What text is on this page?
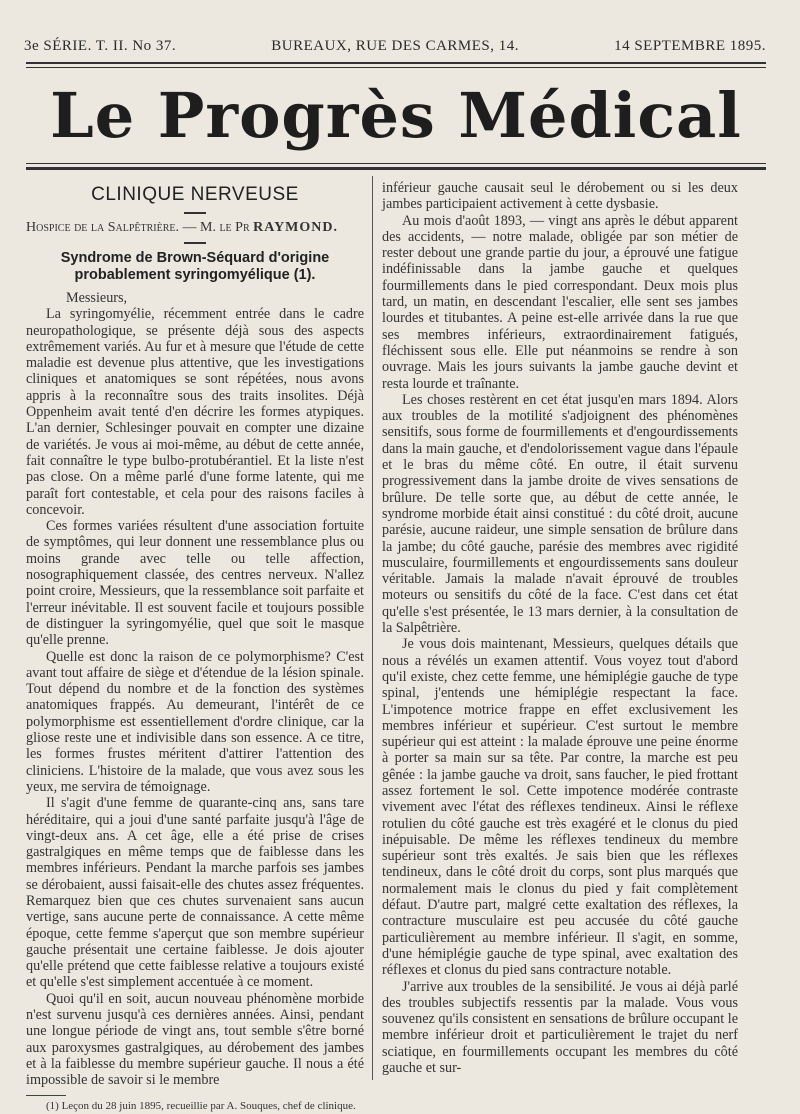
3e SÉRIE. T. II. No 37.	BUREAUX, RUE DES CARMES, 14.	14 SEPTEMBRE 1895.
Le Progrès Médical
CLINIQUE NERVEUSE
Hospice de la Salpêtrière. — M. le Pr RAYMOND.
Syndrome de Brown-Séquard d'origine probablement syringomyélique (1).

Messieurs,

La syringomyélie, récemment entrée dans le cadre neuropathologique, se présente déjà sous des aspects extrêmement variés. Au fur et à mesure que l'étude de cette maladie est devenue plus attentive, que les investigations cliniques et anatomiques se sont répétées, nous avons appris à la reconnaître sous des traits insolites. Déjà Oppenheim avait tenté d'en décrire les formes atypiques. L'an dernier, Schlesinger pouvait en compter une dizaine de variétés. Je vous ai moi-même, au début de cette année, fait connaître le type bulbo-protubérantiel. Et la liste n'est pas close. On a même parlé d'une forme latente, qui me paraît fort contestable, et cela pour des raisons faciles à concevoir.

Ces formes variées résultent d'une association fortuite de symptômes, qui leur donnent une ressemblance plus ou moins grande avec telle ou telle affection, nosographiquement classée, des centres nerveux. N'allez point croire, Messieurs, que la ressemblance soit parfaite et l'erreur inévitable. Il est souvent facile et toujours possible de distinguer la syringomyélie, quel que soit le masque qu'elle prenne.

Quelle est donc la raison de ce polymorphisme? C'est avant tout affaire de siège et d'étendue de la lésion spinale. Tout dépend du nombre et de la fonction des systèmes anatomiques frappés. Au demeurant, l'intérêt de ce polymorphisme est essentiellement d'ordre clinique, car la gliose reste une et indivisible dans son essence. A ce titre, les formes frustes méritent d'attirer l'attention des cliniciens. L'histoire de la malade, que vous avez sous les yeux, me servira de témoignage.

Il s'agit d'une femme de quarante-cinq ans, sans tare héréditaire, qui a joui d'une santé parfaite jusqu'à l'âge de vingt-deux ans. A cet âge, elle a été prise de crises gastralgiques en même temps que de faiblesse dans les membres inférieurs. Pendant la marche parfois ses jambes se dérobaient, aussi faisait-elle des chutes assez fréquentes. Remarquez bien que ces chutes survenaient sans aucun vertige, sans aucune perte de connaissance. A cette même époque, cette femme s'aperçut que son membre supérieur gauche présentait une certaine faiblesse. Je dois ajouter qu'elle prétend que cette faiblesse relative a toujours existé et qu'elle s'est simplement accentuée à ce moment.

Quoi qu'il en soit, aucun nouveau phénomène morbide n'est survenu jusqu'à ces dernières années. Ainsi, pendant une longue période de vingt ans, tout semble s'être borné aux paroxysmes gastralgiques, au dérobement des jambes et à la faiblesse du membre supérieur gauche. Il nous a été impossible de savoir si le membre

(1) Leçon du 28 juin 1895, recueillie par A. Souques, chef de clinique.

inférieur gauche causait seul le dérobement ou si les deux jambes participaient activement à cette dysbasie.

Au mois d'août 1893, — vingt ans après le début apparent des accidents, — notre malade, obligée par son métier de rester debout une grande partie du jour, a éprouvé une fatigue indéfinissable dans la jambe gauche et quelques fourmillements dans le pied correspondant. Deux mois plus tard, un matin, en descendant l'escalier, elle sent ses jambes lourdes et titubantes. A peine est-elle arrivée dans la rue que ses membres inférieurs, extraordinairement fatigués, fléchissent sous elle. Elle put néanmoins se rendre à son ouvrage. Mais les jours suivants la jambe gauche devint et resta lourde et traînante.

Les choses restèrent en cet état jusqu'en mars 1894. Alors aux troubles de la motilité s'adjoignent des phénomènes sensitifs, sous forme de fourmillements et d'engourdissements dans la main gauche, et d'endolorissement vague dans l'épaule et le bras du même côté. En outre, il était survenu progressivement dans la jambe droite de vives sensations de brûlure. De telle sorte que, au début de cette année, le syndrome morbide était ainsi constitué : du côté droit, aucune parésie, aucune raideur, une simple sensation de brûlure dans la jambe; du côté gauche, parésie des membres avec rigidité musculaire, fourmillements et engourdissements sans douleur véritable. Jamais la malade n'avait éprouvé de troubles moteurs ou sensitifs du côté de la face. C'est dans cet état qu'elle s'est présentée, le 13 mars dernier, à la consultation de la Salpêtrière.

Je vous dois maintenant, Messieurs, quelques détails que nous a révélés un examen attentif. Vous voyez tout d'abord qu'il existe, chez cette femme, une hémiplégie gauche de type spinal, j'entends une hémiplégie respectant la face. L'impotence motrice frappe en effet exclusivement les membres inférieur et supérieur. C'est surtout le membre supérieur qui est atteint : la malade éprouve une peine énorme à porter sa main sur sa tête. Par contre, la marche est peu gênée : la jambe gauche va droit, sans faucher, le pied frottant assez fortement le sol. Cette impotence modérée contraste vivement avec l'état des réflexes tendineux. Ainsi le réflexe rotulien du côté gauche est très exagéré et le clonus du pied inépuisable. De même les réflexes tendineux du membre supérieur sont très exaltés. Je sais bien que les réflexes tendineux, dans le côté droit du corps, sont plus marqués que normalement mais le clonus du pied y fait complètement défaut. D'autre part, malgré cette exaltation des réflexes, la contracture musculaire est peu accusée du côté gauche particulièrement au membre inférieur. Il s'agit, en somme, d'une hémiplégie gauche de type spinal, avec exaltation des réflexes et clonus du pied sans contracture notable.

J'arrive aux troubles de la sensibilité. Je vous ai déjà parlé des troubles subjectifs ressentis par la malade. Vous vous souvenez qu'ils consistent en sensations de brûlure occupant le membre inférieur droit et particulièrement le trajet du nerf sciatique, en fourmillements occupant les membres du côté gauche et sur-
